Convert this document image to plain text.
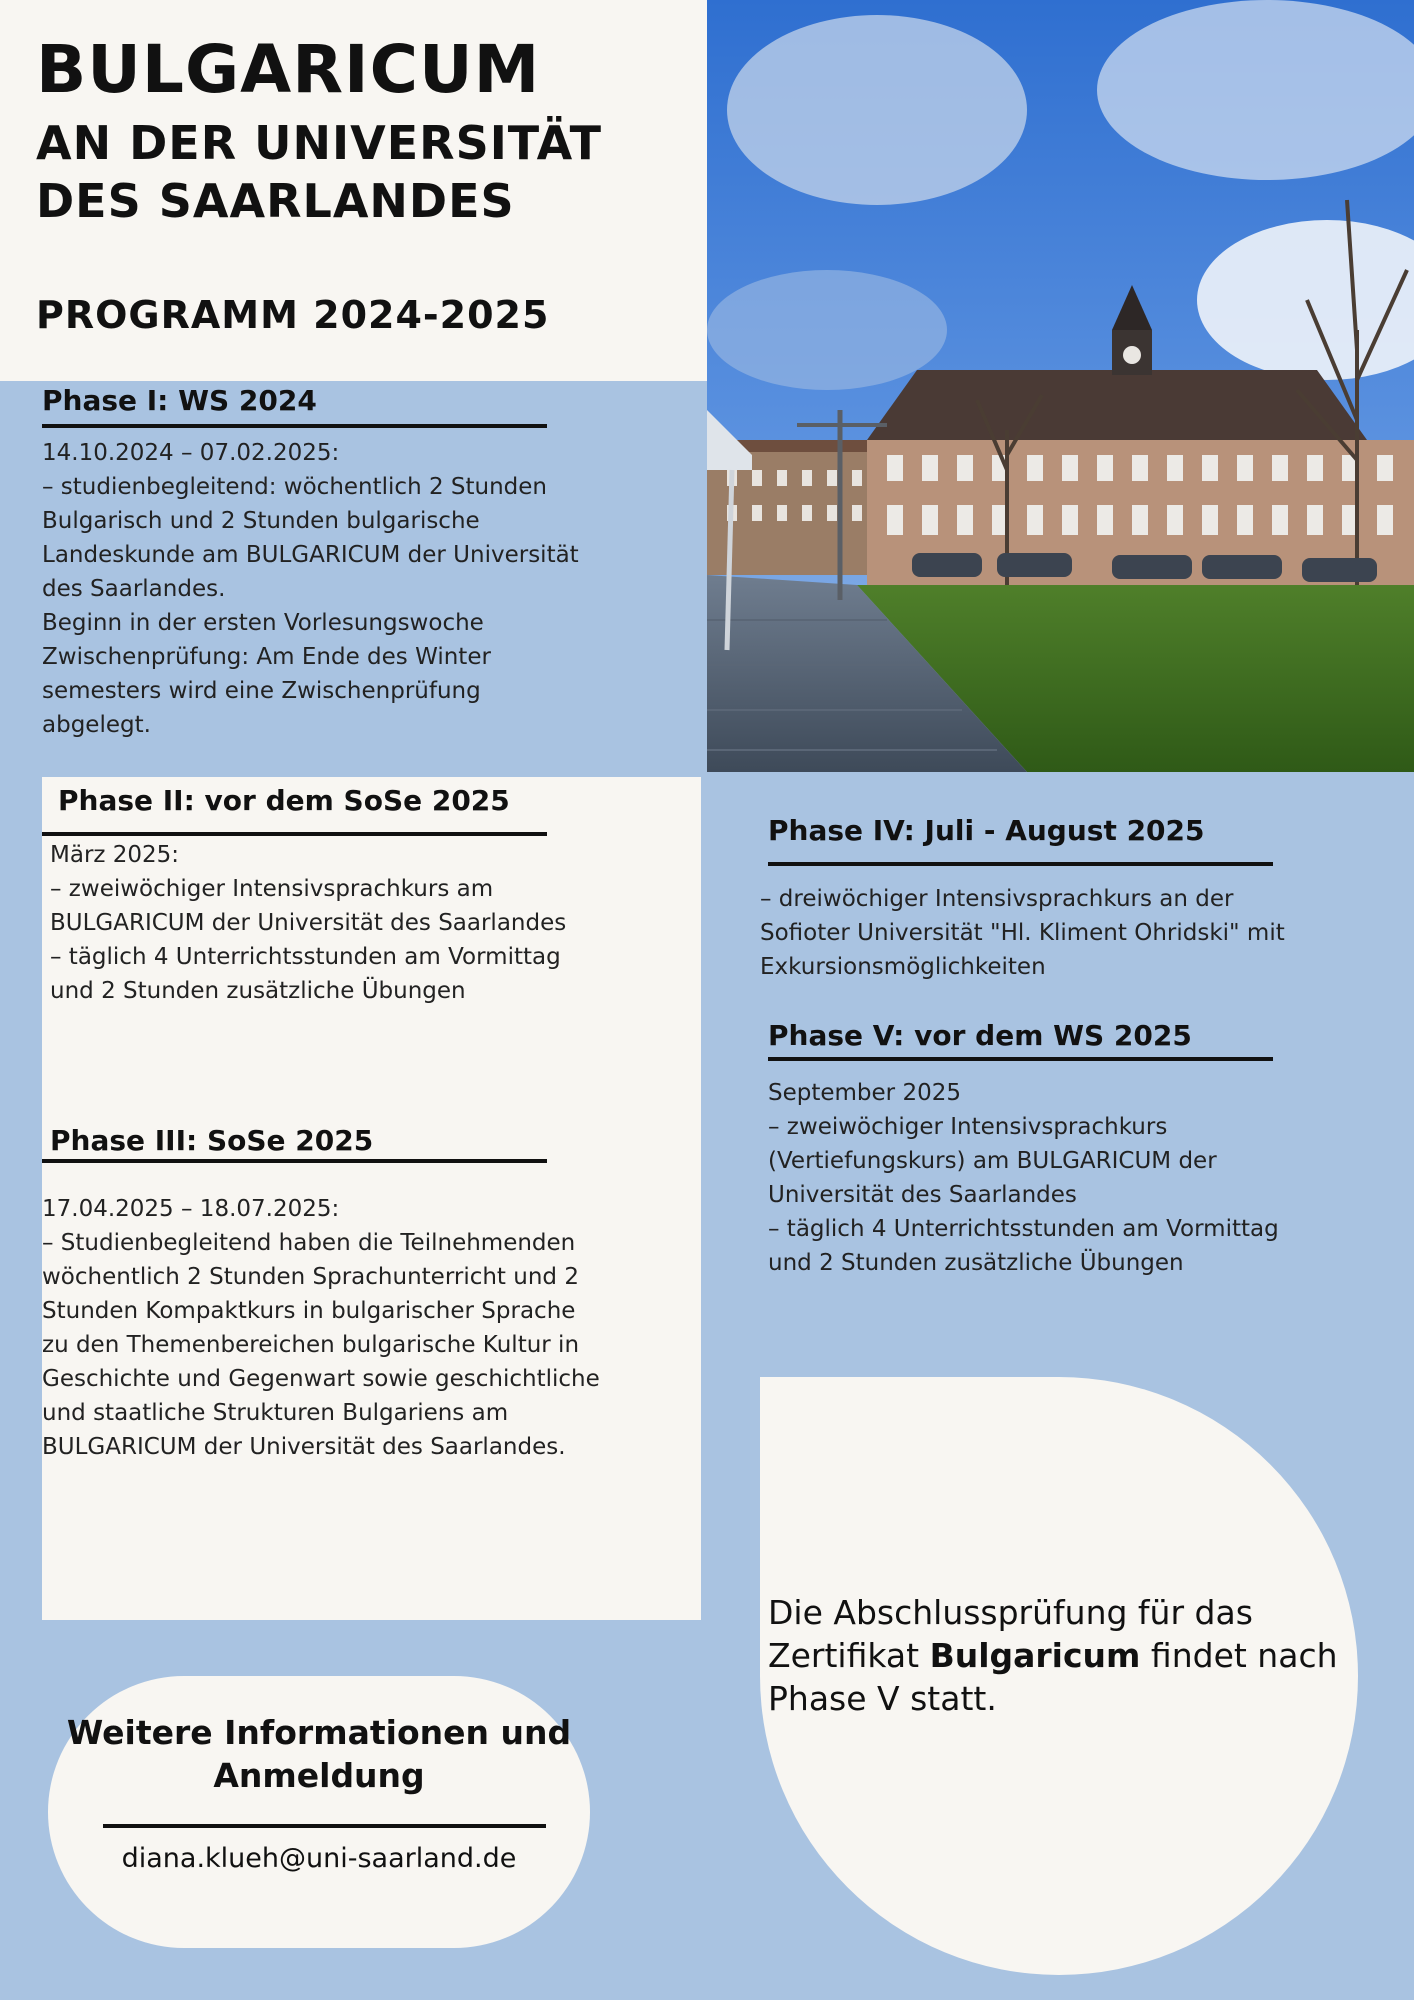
BULGARICUM
AN DER UNIVERSITÄT DES SAARLANDES
PROGRAMM 2024-2025
Phase I: WS 2024
14.10.2024 – 07.02.2025:
– studienbegleitend: wöchentlich 2 Stunden Bulgarisch und 2 Stunden bulgarische Landeskunde am BULGARICUM der Universität des Saarlandes.
Beginn in der ersten Vorlesungswoche
Zwischenprüfung: Am Ende des Winter semesters wird eine Zwischenprüfung abgelegt.
Phase II: vor dem SoSe 2025
März 2025:
– zweiwöchiger Intensivsprachkurs am BULGARICUM der Universität des Saarlandes
– täglich 4 Unterrichtsstunden am Vormittag und 2 Stunden zusätzliche Übungen
Phase III: SoSe 2025
17.04.2025 – 18.07.2025:
– Studienbegleitend haben die Teilnehmenden wöchentlich 2 Stunden Sprachunterricht und 2 Stunden Kompaktkurs in bulgarischer Sprache zu den Themenbereichen bulgarische Kultur in Geschichte und Gegenwart sowie geschichtliche und staatliche Strukturen Bulgariens am BULGARICUM der Universität des Saarlandes.
Phase IV: Juli - August 2025
– dreiwöchiger Intensivsprachkurs an der Sofioter Universität "Hl. Kliment Ohridski" mit Exkursionsmöglichkeiten
Phase V: vor dem WS 2025
September 2025
– zweiwöchiger Intensivsprachkurs (Vertiefungskurs) am BULGARICUM der Universität des Saarlandes
– täglich 4 Unterrichtsstunden am Vormittag und 2 Stunden zusätzliche Übungen
Weitere Informationen und Anmeldung
diana.klueh@uni-saarland.de
Die Abschlussprüfung für das Zertifikat Bulgaricum findet nach Phase V statt.
